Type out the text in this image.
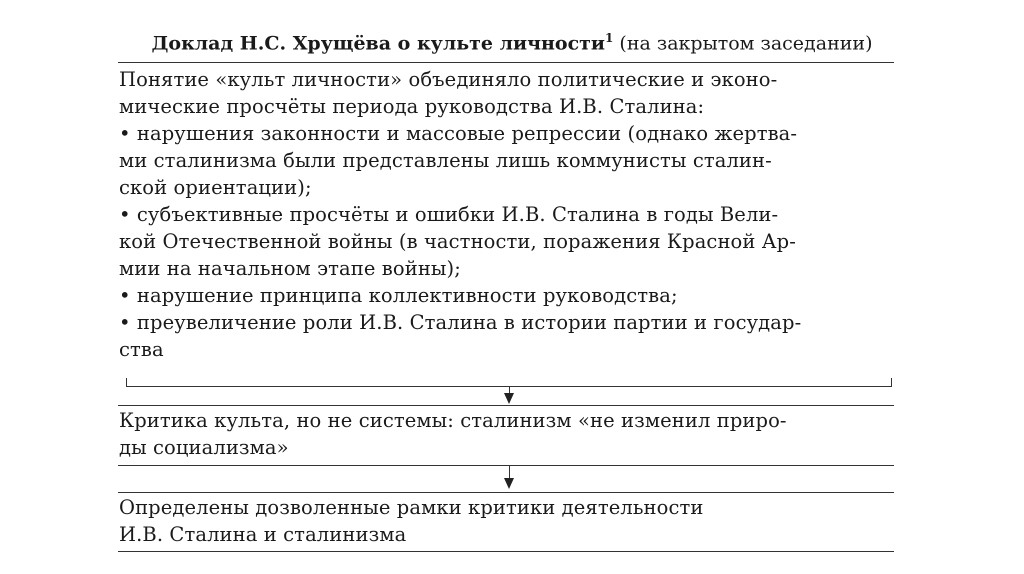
Доклад Н.С. Хрущёва о культе личности$^1$ (на закрытом заседании)
Понятие «культ личности» объединяло политические и эконо-
мические просчёты периода руководства И.В. Сталина:
• нарушения законности и массовые репрессии (однако жертва-
ми сталинизма были представлены лишь коммунисты сталин-
ской ориентации);
• субъективные просчёты и ошибки И.В. Сталина в годы Вели-
кой Отечественной войны (в частности, поражения Красной Ар-
мии на начальном этапе войны);
• нарушение принципа коллективности руководства;
• преувеличение роли И.В. Сталина в истории партии и государ-
ства
Критика культа, но не системы: сталинизм «не изменил приро-
ды социализма»
Определены дозволенные рамки критики деятельности
И.В. Сталина и сталинизма
